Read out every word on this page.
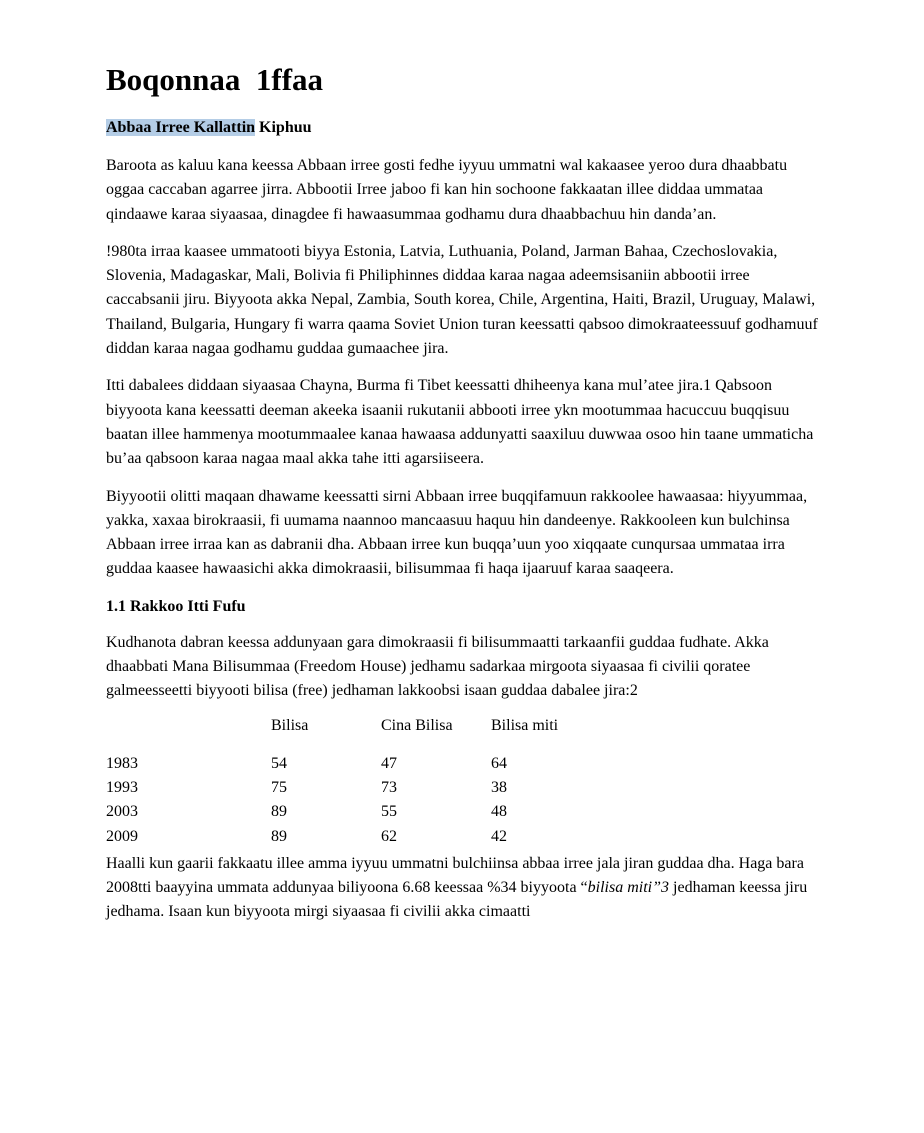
Boqonnaa  1ffaa
Abbaa Irree Kallattin Kiphuu

Baroota as kaluu kana keessa Abbaan irree gosti fedhe iyyuu ummatni wal kakaasee yeroo dura dhaabbatu oggaa caccaban agarree jirra. Abbootii Irree jaboo fi kan hin sochoone fakkaatan illee diddaa ummataa qindaawe karaa siyaasaa, dinagdee fi hawaasummaa godhamu dura dhaabbachuu hin danda’an.

!980ta irraa kaasee ummatooti biyya Estonia, Latvia, Luthuania, Poland, Jarman Bahaa, Czechoslovakia, Slovenia, Madagaskar, Mali, Bolivia fi Philiphinnes diddaa karaa nagaa adeemsisaniin abbootii irree caccabsanii jiru. Biyyoota akka Nepal, Zambia, South korea, Chile, Argentina, Haiti, Brazil, Uruguay, Malawi, Thailand, Bulgaria, Hungary fi warra qaama Soviet Union turan keessatti qabsoo dimokraateessuuf godhamuuf diddan karaa nagaa godhamu guddaa gumaachee jira.

Itti dabalees diddaan siyaasaa Chayna, Burma fi Tibet keessatti dhiheenya kana mul’atee jira.1 Qabsoon biyyoota kana keessatti deeman akeeka isaanii rukutanii abbooti irree ykn mootummaa hacuccuu buqqisuu baatan illee hammenya mootummaalee kanaa hawaasa addunyatti saaxiluu duwwaa osoo hin taane ummaticha bu’aa qabsoon karaa nagaa maal akka tahe itti agarsiiseera.

Biyyootii olitti maqaan dhawame keessatti sirni Abbaan irree buqqifamuun rakkoolee hawaasaa: hiyyummaa, yakka, xaxaa birokraasii, fi uumama naannoo mancaasuu haquu hin dandeenye. Rakkooleen kun bulchinsa Abbaan irree irraa kan as dabranii dha. Abbaan irree kun buqqa’uun yoo xiqqaate cunqursaa ummataa irra guddaa kaasee hawaasichi akka dimokraasii, bilisummaa fi haqa ijaaruuf karaa saaqeera.

1.1 Rakkoo Itti Fufu

Kudhanota dabran keessa addunyaan gara dimokraasii fi bilisummaatti tarkaanfii guddaa fudhate. Akka dhaabbati Mana Bilisummaa (Freedom House) jedhamu sadarkaa mirgoota siyaasaa fi civilii qoratee galmeesseetti biyyooti bilisa (free) jedhaman lakkoobsi isaan guddaa dabalee jira:2

	Bilisa	Cina Bilisa	Bilisa miti
1983	54	47	64
1993	75	73	38
2003	89	55	48
2009	89	62	42

Haalli kun gaarii fakkaatu illee amma iyyuu ummatni bulchiinsa abbaa irree jala jiran guddaa dha. Haga bara 2008tti baayyina ummata addunyaa biliyoona 6.68 keessaa %34 biyyoota “bilisa miti”3 jedhaman keessa jiru jedhama. Isaan kun biyyoota mirgi siyaasaa fi civilii akka cimaatti
